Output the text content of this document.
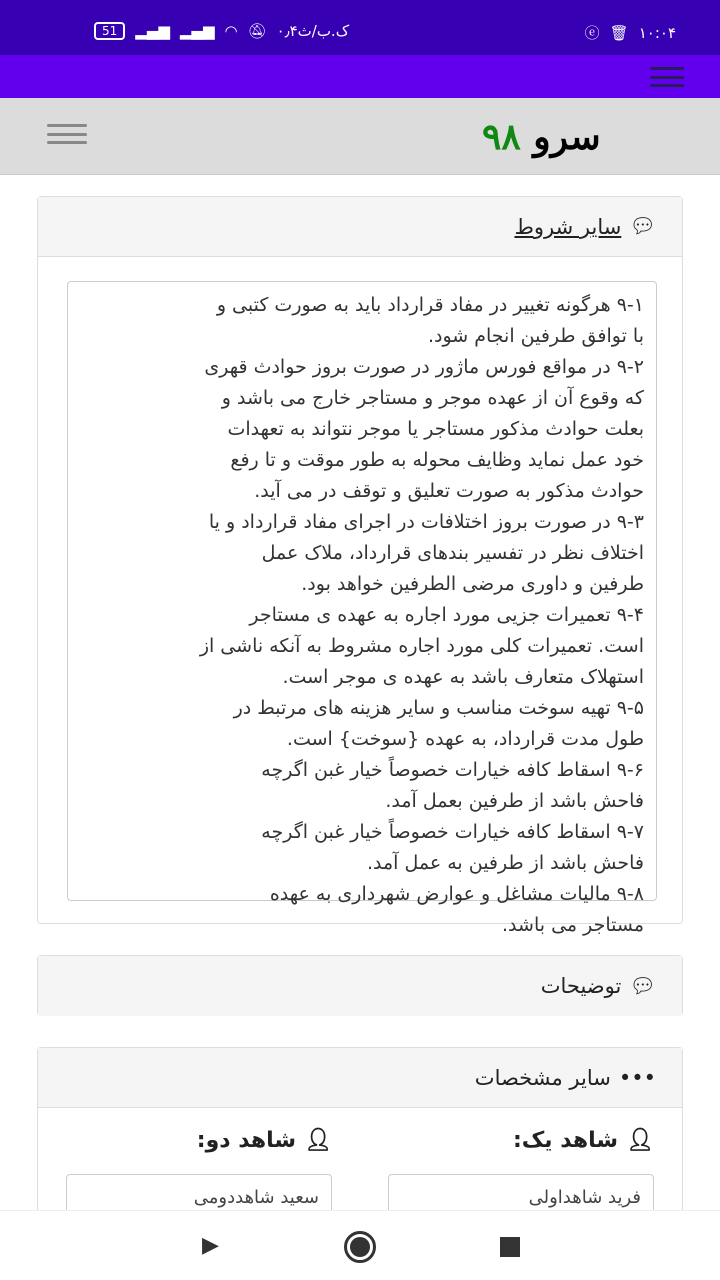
51	▂▄▆ ▂▄▆ ◠ 🔕︎ ۰٫۴ک.ب/ث	ⓔ 🗑︎ ۱۰:۰۴
سرو ۹۸
💬︎
سایر شروط
۹-۱ هرگونه تغییر در مفاد قرارداد باید به صورت کتبی و
با توافق طرفین انجام شود.
۹-۲ در مواقع فورس ماژور در صورت بروز حوادث قهری
که وقوع آن از عهده موجر و مستاجر خارج می باشد و
بعلت حوادث مذکور مستاجر یا موجر نتواند به تعهدات
خود عمل نماید وظایف محوله به طور موقت و تا رفع
حوادث مذکور به صورت تعلیق و توقف در می آید.
۹-۳ در صورت بروز اختلافات در اجرای مفاد قرارداد و یا
اختلاف نظر در تفسیر بندهای قرارداد، ملاک عمل
طرفین و داوری مرضی الطرفین خواهد بود.
۹-۴ تعمیرات جزیی مورد اجاره به عهده ی مستاجر
است. تعمیرات کلی مورد اجاره مشروط به آنکه ناشی از
استهلاک متعارف باشد به عهده ی موجر است.
۹-۵ تهیه سوخت مناسب و سایر هزینه های مرتبط در
طول مدت قرارداد، به عهده {سوخت} است.
۹-۶ اسقاط کافه خیارات خصوصاً خیار غبن اگرچه
فاحش باشد از طرفین بعمل آمد.
۹-۷ اسقاط کافه خیارات خصوصاً خیار غبن اگرچه
فاحش باشد از طرفین به عمل آمد.
۹-۸ مالیات مشاغل و عوارض شهرداری به عهده
مستاجر می باشد.
💬︎
توضیحات
•••
سایر مشخصات
👤︎
شاهد یک:
فرید شاهداولی
👤︎
شاهد دو:
سعید شاهددومی
▶
